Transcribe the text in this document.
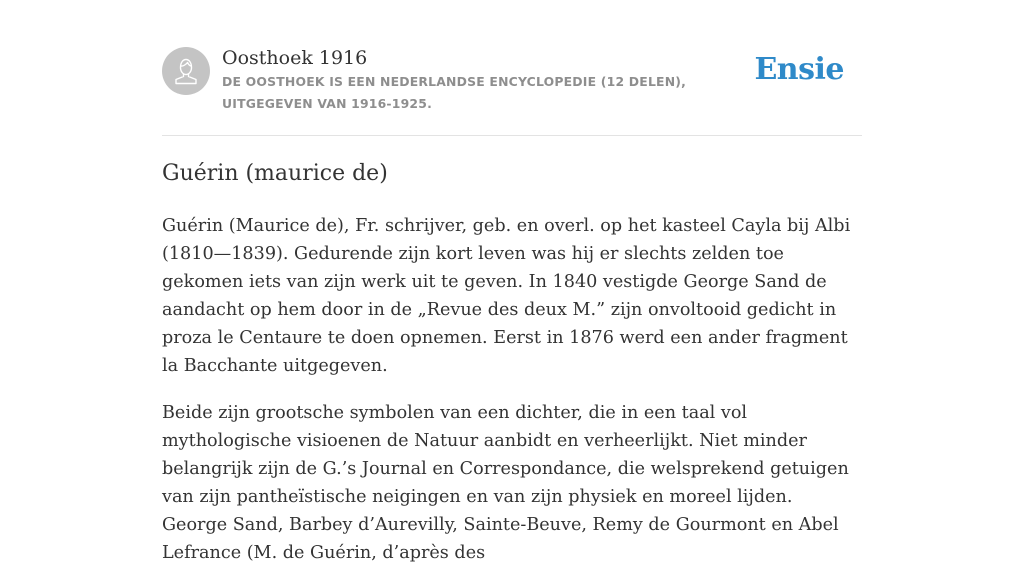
Oosthoek 1916
DE OOSTHOEK IS EEN NEDERLANDSE ENCYCLOPEDIE (12 DELEN), UITGEGEVEN VAN 1916-1925.
Ensie
Guérin (maurice de)

Guérin (Maurice de), Fr. schrijver, geb. en overl. op het kasteel Cayla bij Albi (1810—1839). Gedurende zijn kort leven was hij er slechts zelden toe gekomen iets van zijn werk uit te geven. In 1840 vestigde George Sand de aandacht op hem door in de „Revue des deux M.” zijn onvoltooid gedicht in proza le Centaure te doen opnemen. Eerst in 1876 werd een ander fragment la Bacchante uitgegeven.

Beide zijn grootsche symbolen van een dichter, die in een taal vol mythologische visioenen de Natuur aanbidt en verheerlijkt. Niet minder belangrijk zijn de G.’s Journal en Correspondance, die welsprekend getuigen van zijn pantheïstische neigingen en van zijn physiek en moreel lijden. George Sand, Barbey d’Aurevilly, Sainte-Beuve, Remy de Gourmont en Abel Lefrance (M. de Guérin, d’après des
